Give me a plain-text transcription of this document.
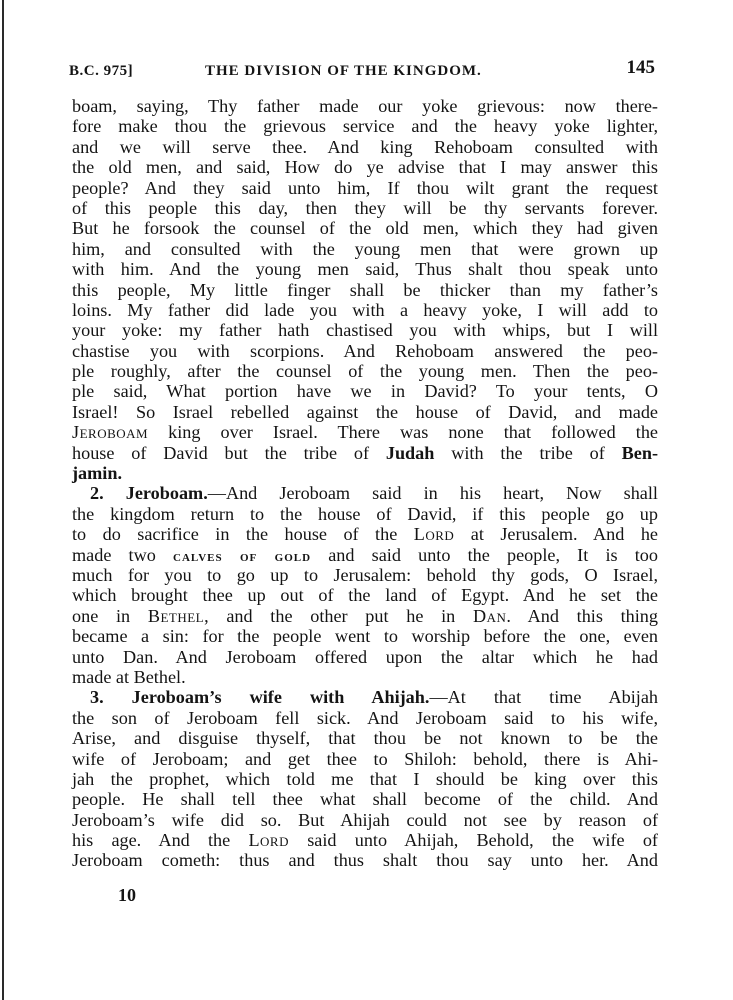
B.C. 975]	THE DIVISION OF THE KINGDOM.	145
boam, saying, Thy father made our yoke grievous: now there-
fore make thou the grievous service and the heavy yoke lighter,
and we will serve thee. And king Rehoboam consulted with
the old men, and said, How do ye advise that I may answer this
people? And they said unto him, If thou wilt grant the request
of this people this day, then they will be thy servants forever.
But he forsook the counsel of the old men, which they had given
him, and consulted with the young men that were grown up
with him. And the young men said, Thus shalt thou speak unto
this people, My little finger shall be thicker than my father’s
loins. My father did lade you with a heavy yoke, I will add to
your yoke: my father hath chastised you with whips, but I will
chastise you with scorpions. And Rehoboam answered the peo-
ple roughly, after the counsel of the young men. Then the peo-
ple said, What portion have we in David? To your tents, O
Israel! So Israel rebelled against the house of David, and made
Jeroboam king over Israel. There was none that followed the
house of David but the tribe of Judah with the tribe of Ben-
jamin.
2. Jeroboam.—And Jeroboam said in his heart, Now shall
the kingdom return to the house of David, if this people go up
to do sacrifice in the house of the Lord at Jerusalem. And he
made two calves of gold and said unto the people, It is too
much for you to go up to Jerusalem: behold thy gods, O Israel,
which brought thee up out of the land of Egypt. And he set the
one in Bethel, and the other put he in Dan. And this thing
became a sin: for the people went to worship before the one, even
unto Dan. And Jeroboam offered upon the altar which he had
made at Bethel.
3. Jeroboam’s wife with Ahijah.—At that time Abijah
the son of Jeroboam fell sick. And Jeroboam said to his wife,
Arise, and disguise thyself, that thou be not known to be the
wife of Jeroboam; and get thee to Shiloh: behold, there is Ahi-
jah the prophet, which told me that I should be king over this
people. He shall tell thee what shall become of the child. And
Jeroboam’s wife did so. But Ahijah could not see by reason of
his age. And the Lord said unto Ahijah, Behold, the wife of
Jeroboam cometh: thus and thus shalt thou say unto her. And
10
